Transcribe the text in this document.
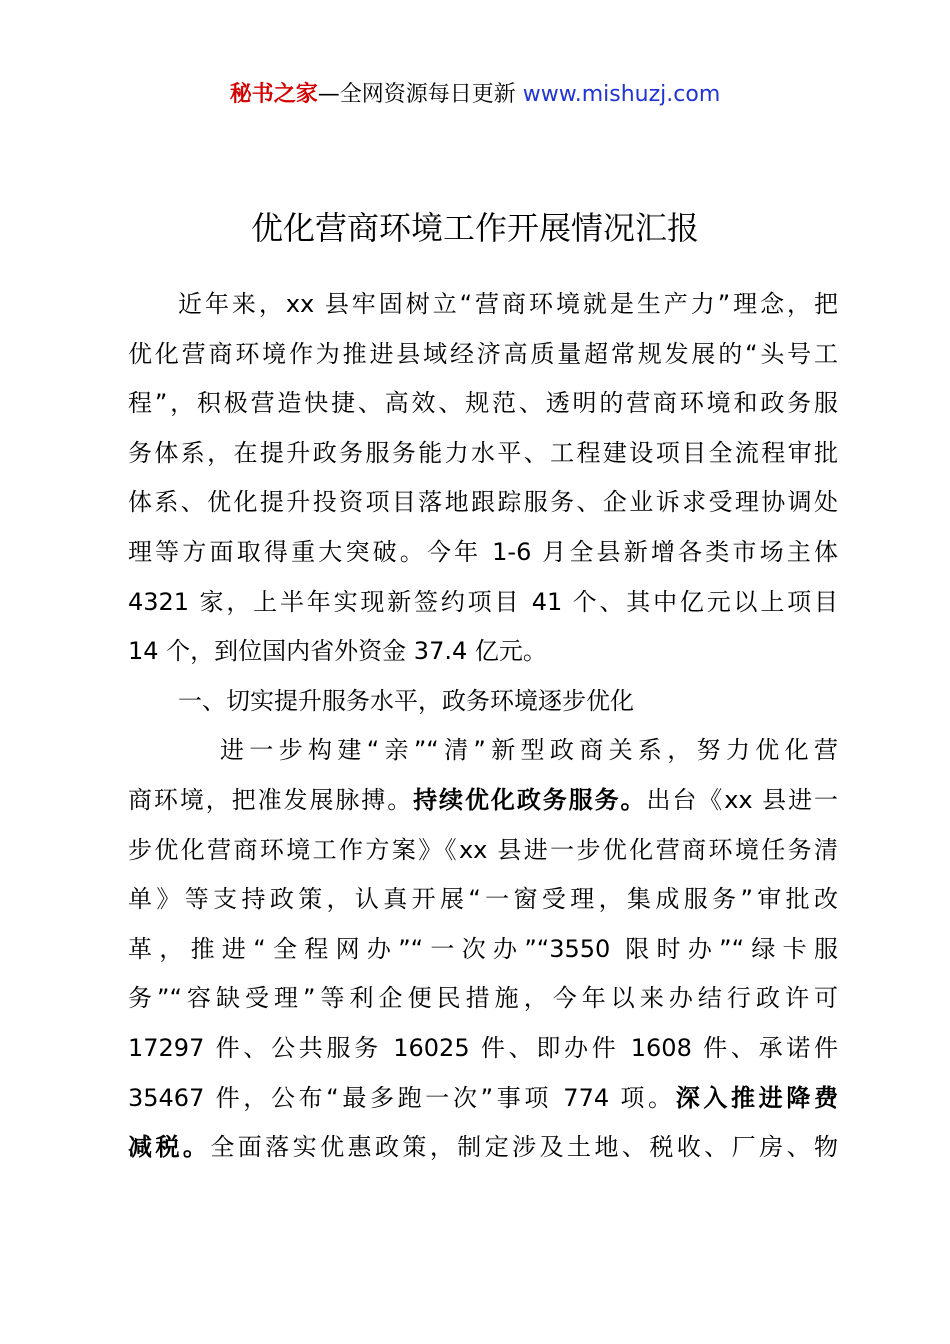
秘书之家—全网资源每日更新 www.mishuzj.com
优化营商环境工作开展情况汇报
近年来，xx 县牢固树立“营商环境就是生产力”理念，把
优化营商环境作为推进县域经济高质量超常规发展的“头号工
程”，积极营造快捷、高效、规范、透明的营商环境和政务服
务体系，在提升政务服务能力水平、工程建设项目全流程审批
体系、优化提升投资项目落地跟踪服务、企业诉求受理协调处
理等方面取得重大突破。今年 1-6 月全县新增各类市场主体
4321 家，上半年实现新签约项目 41 个、其中亿元以上项目
14 个，到位国内省外资金 37.4 亿元。
一、切实提升服务水平，政务环境逐步优化
进一步构建“亲”“清”新型政商关系，努力优化营
商环境，把准发展脉搏。持续优化政务服务。出台《xx 县进一
步优化营商环境工作方案》《xx 县进一步优化营商环境任务清
单》等支持政策，认真开展“一窗受理，集成服务”审批改
革，推进“全程网办”“一次办”“3550 限时办”“绿卡服
务”“容缺受理”等利企便民措施，今年以来办结行政许可
17297 件、公共服务 16025 件、即办件 1608 件、承诺件
35467 件，公布“最多跑一次”事项 774 项。深入推进降费
减税。全面落实优惠政策，制定涉及土地、税收、厂房、物
